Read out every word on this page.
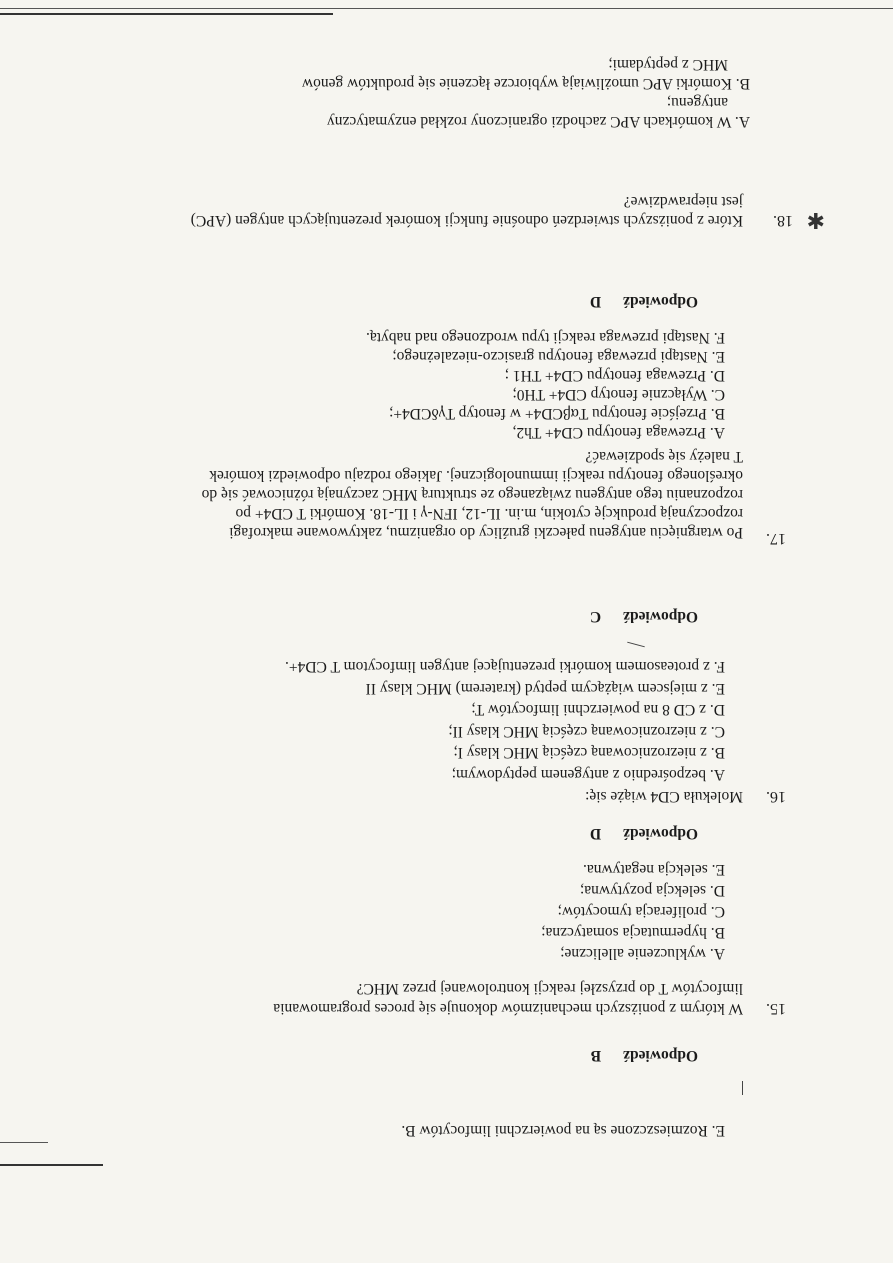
✱
18.
Które z poniższych stwierdzeń odnośnie funkcji komórek prezentujących antygen (APC)
jest nieprawdziwe?
A. W komórkach APC zachodzi ograniczony rozkład enzymatyczny
antygenu;
B. Komórki APC umożliwiają wybiorcze łączenie się produktów genów
MHC z peptydami;
OdpowiedźD
F. Nastąpi przewaga reakcji typu wrodzonego nad nabytą.
E. Nastąpi przewaga fenotypu grasiczo-niezależnego;
D. Przewaga fenotypu CD4+ TH1 ;
C. Wyłącznie fenotyp CD4+ TH0;
B. Przejście fenotypu TαβCD4+ w fenotyp TγδCD4+;
A. Przewaga fenotypu CD4+ Th2,
T należy się spodziewać?
określonego fenotypu reakcji immunologicznej. Jakiego rodzaju odpowiedzi komórek
rozpoznaniu tego antygenu związanego ze strukturą MHC zaczynają różnicować się do
rozpoczynają produkcję cytokin, m.in. IL-12, IFN-γ i IL-18. Komórki T CD4+ po
Po wtargnięciu antygenu pałeczki gruźlicy do organizmu, zaktywowane makrofagi 17.
OdpowiedźC
F. z proteasomem komórki prezentującej antygen limfocytom T CD4+.
E. z miejscem wiążącym peptyd (kraterem) MHC klasy II
D. z CD 8 na powierzchni limfocytów T;
C. z niezroznicowaną częścią MHC klasy II;
B. z niezroznicowaną częścią MHC klasy I;
A. bezpośrednio z antygenem peptydowym;
Molekuła CD4 wiąże się: 16.
OdpowiedźD
E. selekcja negatywna.
D. selekcja pozytywna;
C. proliferacja tymocytów;
B. hypermutacja somatyczna;
A. wykluczenie alleliczne;
limfocytów T do przyszłej reakcji kontrolowanej przez MHC?
W którym z poniższych mechanizmów dokonuje się proces programowania 15.
OdpowiedźB
E. Rozmieszczone są na powierzchni limfocytów B.
